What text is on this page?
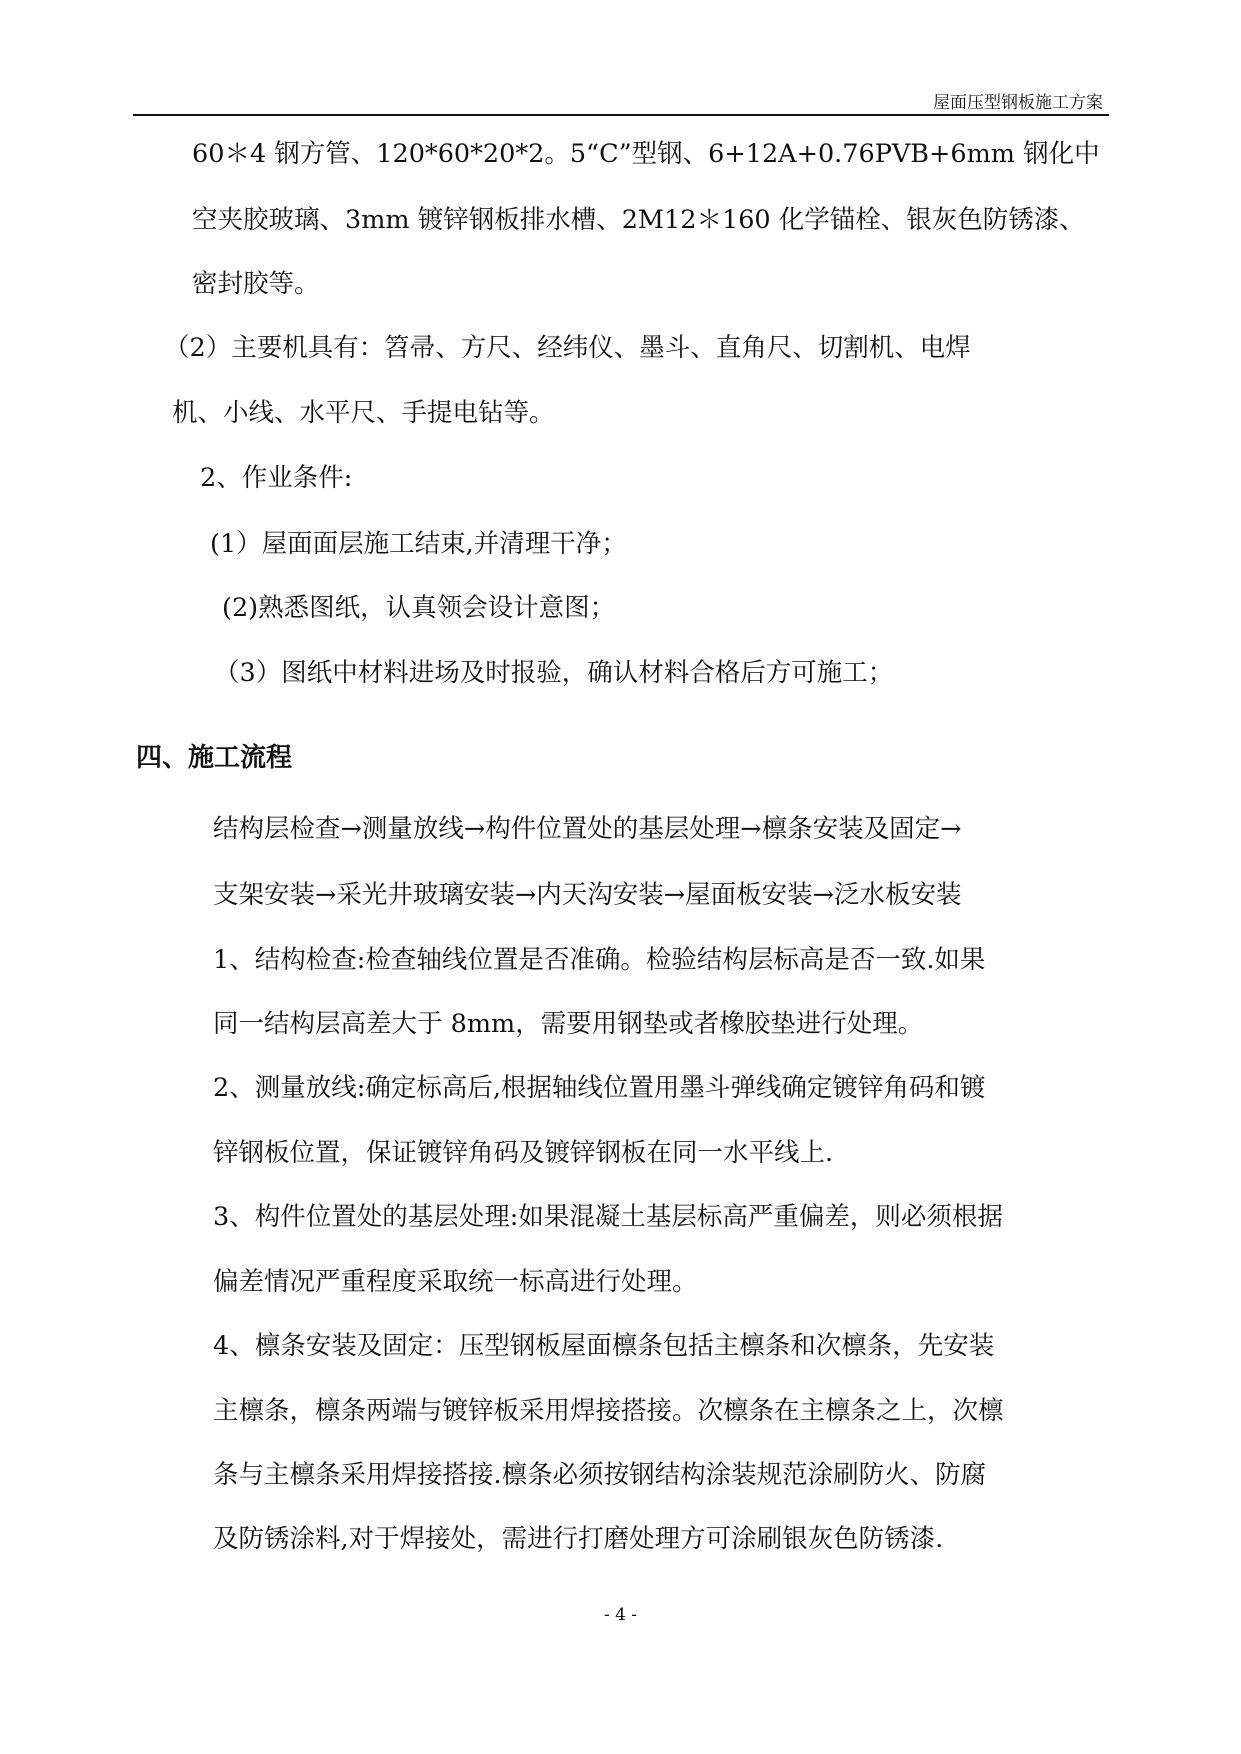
屋面压型钢板施工方案
60＊4 钢方管、120*60*20*2。5“C”型钢、6+12A+0.76PVB+6mm 钢化中
空夹胶玻璃、3mm 镀锌钢板排水槽、2M12＊160 化学锚栓、银灰色防锈漆、
密封胶等。
（2）主要机具有：笤帚、方尺、经纬仪、墨斗、直角尺、切割机、电焊
机、小线、水平尺、手提电钻等。
2、作业条件:
(1）屋面面层施工结束,并清理干净；
(2)熟悉图纸，认真领会设计意图；
（3）图纸中材料进场及时报验，确认材料合格后方可施工；
四、施工流程
结构层检查→测量放线→构件位置处的基层处理→檩条安装及固定→
支架安装→采光井玻璃安装→内天沟安装→屋面板安装→泛水板安装
1、结构检查:检查轴线位置是否准确。检验结构层标高是否一致.如果
同一结构层高差大于 8mm，需要用钢垫或者橡胶垫进行处理。
2、测量放线:确定标高后,根据轴线位置用墨斗弹线确定镀锌角码和镀
锌钢板位置，保证镀锌角码及镀锌钢板在同一水平线上.
3、构件位置处的基层处理:如果混凝土基层标高严重偏差，则必须根据
偏差情况严重程度采取统一标高进行处理。
4、檩条安装及固定：压型钢板屋面檩条包括主檩条和次檩条，先安装
主檩条，檩条两端与镀锌板采用焊接搭接。次檩条在主檩条之上，次檩
条与主檩条采用焊接搭接.檩条必须按钢结构涂装规范涂刷防火、防腐
及防锈涂料,对于焊接处，需进行打磨处理方可涂刷银灰色防锈漆.
- 4 -
